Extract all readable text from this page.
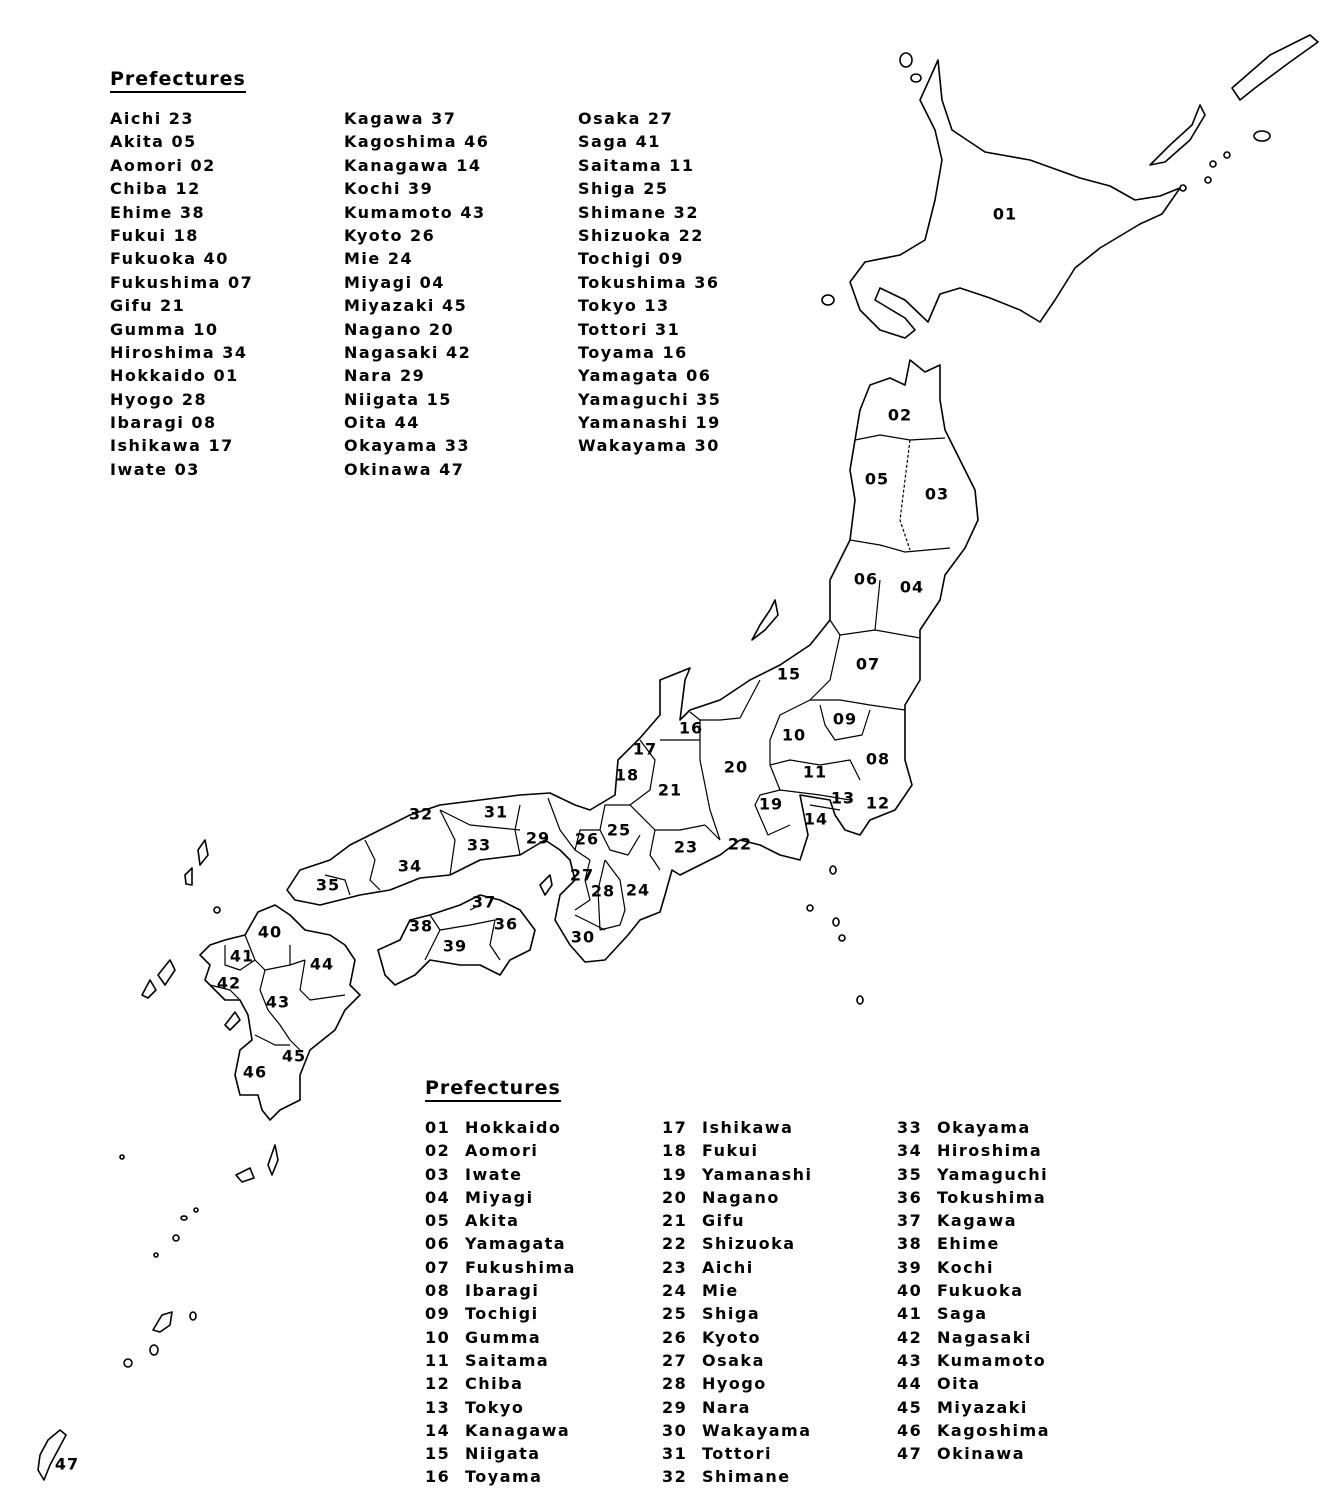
Prefectures
Aichi 23
Akita 05
Aomori 02
Chiba 12
Ehime 38
Fukui 18
Fukuoka 40
Fukushima 07
Gifu 21
Gumma 10
Hiroshima 34
Hokkaido 01
Hyogo 28
Ibaragi 08
Ishikawa 17
Iwate 03
Kagawa 37
Kagoshima 46
Kanagawa 14
Kochi 39
Kumamoto 43
Kyoto 26
Mie 24
Miyagi 04
Miyazaki 45
Nagano 20
Nagasaki 42
Nara 29
Niigata 15
Oita 44
Okayama 33
Okinawa 47
Osaka 27
Saga 41
Saitama 11
Shiga 25
Shimane 32
Shizuoka 22
Tochigi 09
Tokushima 36
Tokyo 13
Tottori 31
Toyama 16
Yamagata 06
Yamaguchi 35
Yamanashi 19
Wakayama 30
01
02
03
04
05
06
07
08
09
10
11
12
13
14
15
16
17
18
19
20
21
22
23
24
25
26
27
28
29
30
31
32
33
34
35
36
37
38
39
40
41
42
43
44
45
46
47
Prefectures
01 Hokkaido
02 Aomori
03 Iwate
04 Miyagi
05 Akita
06 Yamagata
07 Fukushima
08 Ibaragi
09 Tochigi
10 Gumma
11 Saitama
12 Chiba
13 Tokyo
14 Kanagawa
15 Niigata
16 Toyama
17 Ishikawa
18 Fukui
19 Yamanashi
20 Nagano
21 Gifu
22 Shizuoka
23 Aichi
24 Mie
25 Shiga
26 Kyoto
27 Osaka
28 Hyogo
29 Nara
30 Wakayama
31 Tottori
32 Shimane
33 Okayama
34 Hiroshima
35 Yamaguchi
36 Tokushima
37 Kagawa
38 Ehime
39 Kochi
40 Fukuoka
41 Saga
42 Nagasaki
43 Kumamoto
44 Oita
45 Miyazaki
46 Kagoshima
47 Okinawa
